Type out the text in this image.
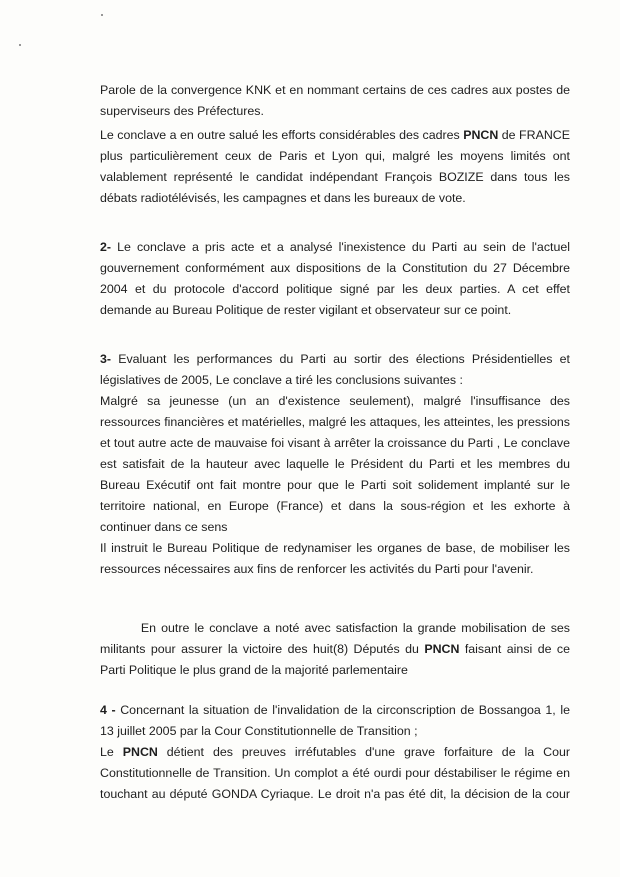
Parole de la convergence KNK et en nommant certains de ces cadres aux postes de
superviseurs des Préfectures.

Le conclave a en outre salué les efforts considérables des cadres PNCN de FRANCE
plus particulièrement ceux de Paris et Lyon qui, malgré les moyens limités ont
valablement représenté le candidat indépendant François BOZIZE dans tous les
débats radiotélévisés, les campagnes et dans les bureaux de vote.

2- Le conclave a pris acte et a analysé l'inexistence du Parti au sein de l'actuel
gouvernement conformément aux dispositions de la Constitution du 27 Décembre
2004 et du protocole d'accord politique signé par les deux parties. A cet effet
demande au Bureau Politique de rester vigilant et observateur sur ce point.

3- Evaluant les performances du Parti au sortir des élections Présidentielles et
législatives de 2005, Le conclave a tiré les conclusions suivantes :
Malgré sa jeunesse (un an d'existence seulement), malgré l'insuffisance des
ressources financières et matérielles, malgré les attaques, les atteintes, les pressions
et tout autre acte de mauvaise foi visant à arrêter la croissance du Parti , Le conclave
est satisfait de la hauteur avec laquelle le Président du Parti et les membres du
Bureau Exécutif ont fait montre pour que le Parti soit solidement implanté sur le
territoire national, en Europe (France) et dans la sous-région et les exhorte à
continuer dans ce sens
Il instruit le Bureau Politique de redynamiser les organes de base, de mobiliser les
ressources nécessaires aux fins de renforcer les activités du Parti pour l'avenir.

En outre le conclave a noté avec satisfaction la grande mobilisation de ses
militants pour assurer la victoire des huit(8) Députés du PNCN faisant ainsi de ce
Parti Politique le plus grand de la majorité parlementaire

4 - Concernant la situation de l'invalidation de la circonscription de Bossangoa 1, le
13 juillet 2005 par la Cour Constitutionnelle de Transition ;
Le PNCN détient des preuves irréfutables d'une grave forfaiture de la Cour
Constitutionnelle de Transition. Un complot a été ourdi pour déstabiliser le régime en
touchant au député GONDA Cyriaque. Le droit n'a pas été dit, la décision de la cour
